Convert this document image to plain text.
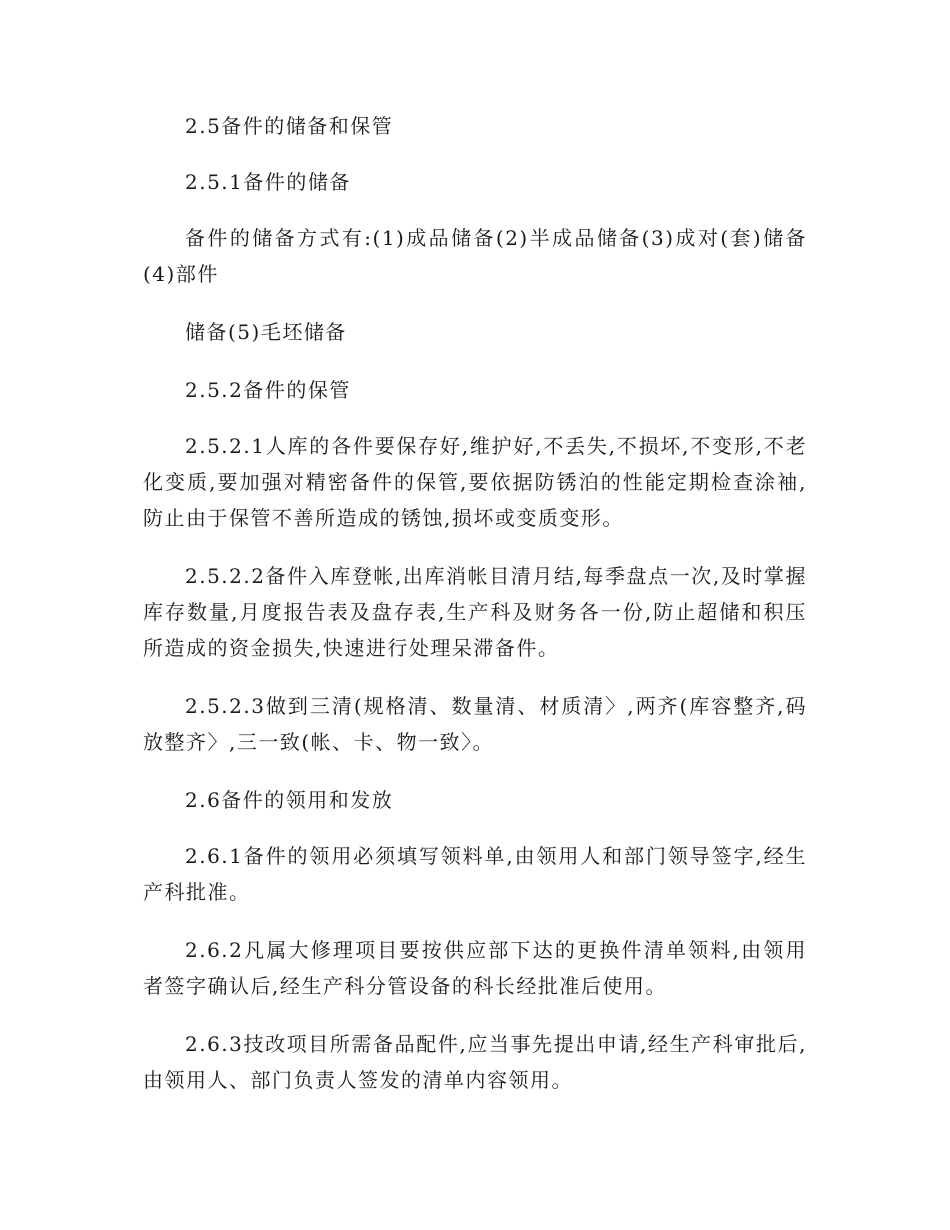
2.5备件的储备和保管

2.5.1备件的储备

备件的储备方式有:(1)成品储备(2)半成品储备(3)成对(套)储备(4)部件

储备(5)毛坯储备

2.5.2备件的保管

2.5.2.1人库的各件要保存好,维护好,不丢失,不损坏,不变形,不老化变质,要加强对精密备件的保管,要依据防锈泊的性能定期检查涂袖,防止由于保管不善所造成的锈蚀,损坏或变质变形。

2.5.2.2备件入库登帐,出库消帐目清月结,每季盘点一次,及时掌握库存数量,月度报告表及盘存表,生产科及财务各一份,防止超储和积压所造成的资金损失,快速进行处理呆滞备件。

2.5.2.3做到三清(规格清、数量清、材质清〉,两齐(库容整齐,码放整齐〉,三一致(帐、卡、物一致〉。

2.6备件的领用和发放

2.6.1备件的领用必须填写领料单,由领用人和部门领导签字,经生产科批准。

2.6.2凡属大修理项目要按供应部下达的更换件清单领料,由领用者签字确认后,经生产科分管设备的科长经批准后使用。

2.6.3技改项目所需备品配件,应当事先提出申请,经生产科审批后,由领用人、部门负责人签发的清单内容领用。
